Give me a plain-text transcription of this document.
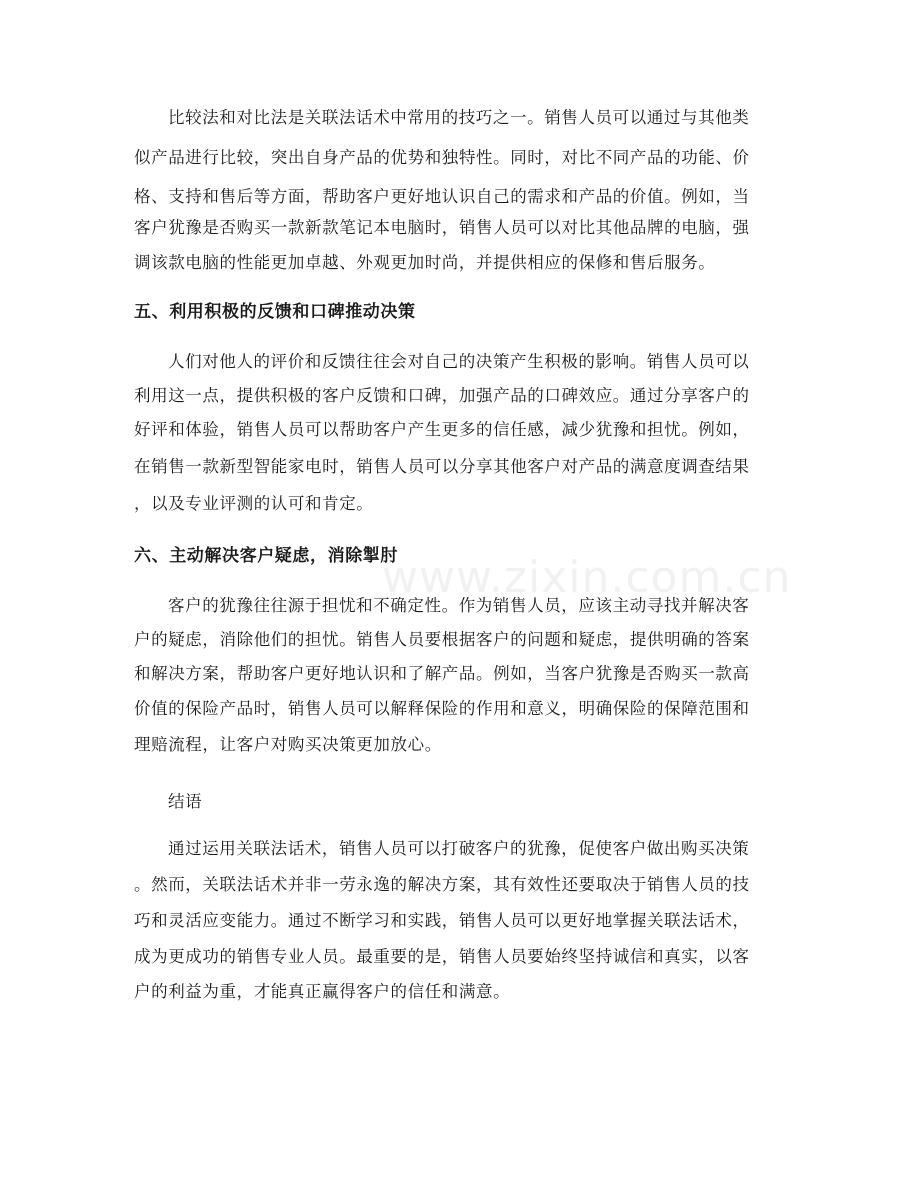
www.zixin.com.cn

比较法和对比法是关联法话术中常用的技巧之一。销售人员可以通过与其他类

似产品进行比较，突出自身产品的优势和独特性。同时，对比不同产品的功能、价

格、支持和售后等方面，帮助客户更好地认识自己的需求和产品的价值。例如，当

客户犹豫是否购买一款新款笔记本电脑时，销售人员可以对比其他品牌的电脑，强

调该款电脑的性能更加卓越、外观更加时尚，并提供相应的保修和售后服务。

五、利用积极的反馈和口碑推动决策

人们对他人的评价和反馈往往会对自己的决策产生积极的影响。销售人员可以

利用这一点，提供积极的客户反馈和口碑，加强产品的口碑效应。通过分享客户的

好评和体验，销售人员可以帮助客户产生更多的信任感，减少犹豫和担忧。例如，

在销售一款新型智能家电时，销售人员可以分享其他客户对产品的满意度调查结果

，以及专业评测的认可和肯定。

六、主动解决客户疑虑，消除掣肘

客户的犹豫往往源于担忧和不确定性。作为销售人员，应该主动寻找并解决客

户的疑虑，消除他们的担忧。销售人员要根据客户的问题和疑虑，提供明确的答案

和解决方案，帮助客户更好地认识和了解产品。例如，当客户犹豫是否购买一款高

价值的保险产品时，销售人员可以解释保险的作用和意义，明确保险的保障范围和

理赔流程，让客户对购买决策更加放心。

结语

通过运用关联法话术，销售人员可以打破客户的犹豫，促使客户做出购买决策

。然而，关联法话术并非一劳永逸的解决方案，其有效性还要取决于销售人员的技

巧和灵活应变能力。通过不断学习和实践，销售人员可以更好地掌握关联法话术，

成为更成功的销售专业人员。最重要的是，销售人员要始终坚持诚信和真实，以客

户的利益为重，才能真正赢得客户的信任和满意。
